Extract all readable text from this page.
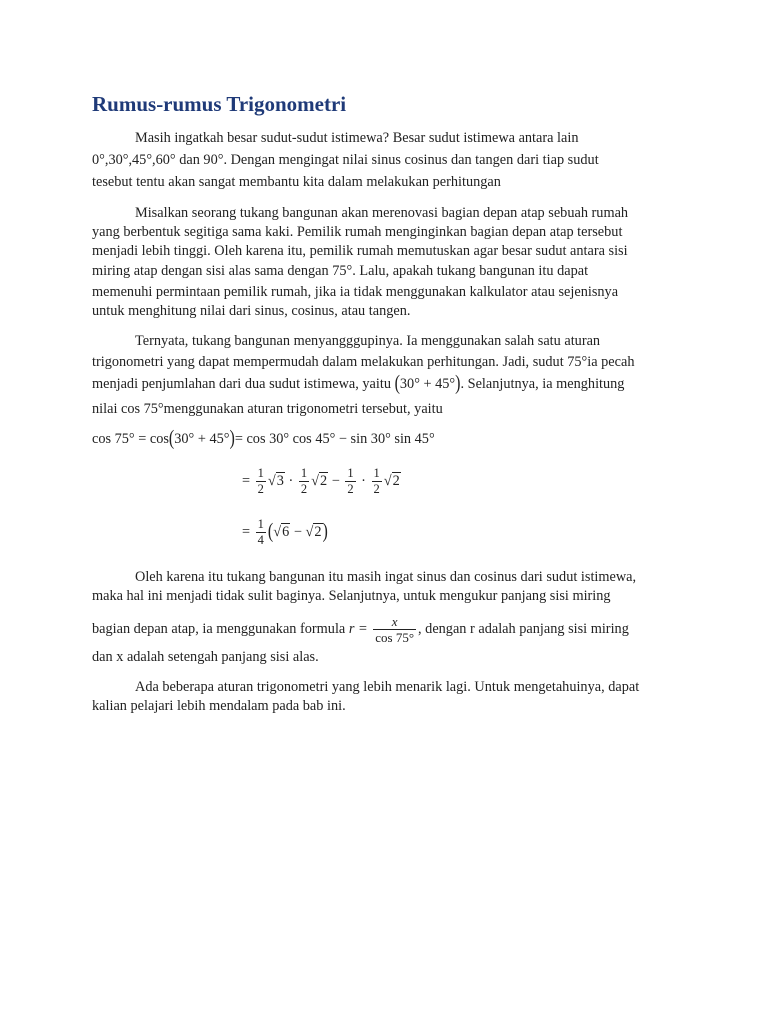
Rumus-rumus Trigonometri
Masih ingatkah besar sudut-sudut istimewa? Besar sudut istimewa antara lain
0°,30°,45°,60° dan 90°. Dengan mengingat nilai sinus cosinus dan tangen dari tiap sudut
tesebut tentu akan sangat membantu kita dalam melakukan perhitungan
Misalkan seorang tukang bangunan akan merenovasi bagian depan atap sebuah rumah
yang berbentuk segitiga sama kaki. Pemilik rumah menginginkan bagian depan atap tersebut
menjadi lebih tinggi. Oleh karena itu, pemilik rumah memutuskan agar besar sudut antara sisi
miring atap dengan sisi alas sama dengan 75°. Lalu, apakah tukang bangunan itu dapat
memenuhi permintaan pemilik rumah, jika ia tidak menggunakan kalkulator atau sejenisnya
untuk menghitung nilai dari sinus, cosinus, atau tangen.
Ternyata, tukang bangunan menyangggupinya. Ia menggunakan salah satu aturan
trigonometri yang dapat mempermudah dalam melakukan perhitungan. Jadi, sudut 75°ia pecah
menjadi penjumlahan dari dua sudut istimewa, yaitu (30° + 45°). Selanjutnya, ia menghitung
nilai cos 75°menggunakan aturan trigonometri tersebut, yaitu
cos 75° = cos(30° + 45°)= cos 30° cos 45° − sin 30° sin 45°
= $\frac{1}{2} √3 \cdot \frac{1}{2} √2 - \frac{1}{2} \cdot \frac{1}{2} √2$
= $\frac{1}{4} (√6 - √2)$
Oleh karena itu tukang bangunan itu masih ingat sinus dan cosinus dari sudut istimewa,
maka hal ini menjadi tidak sulit baginya. Selanjutnya, untuk mengukur panjang sisi miring
bagian depan atap, ia menggunakan formula $r = \frac{x}{\cos 75^\circ}$ , dengan r adalah panjang sisi miring
dan x adalah setengah panjang sisi alas.
Ada beberapa aturan trigonometri yang lebih menarik lagi. Untuk mengetahuinya, dapat
kalian pelajari lebih mendalam pada bab ini.
